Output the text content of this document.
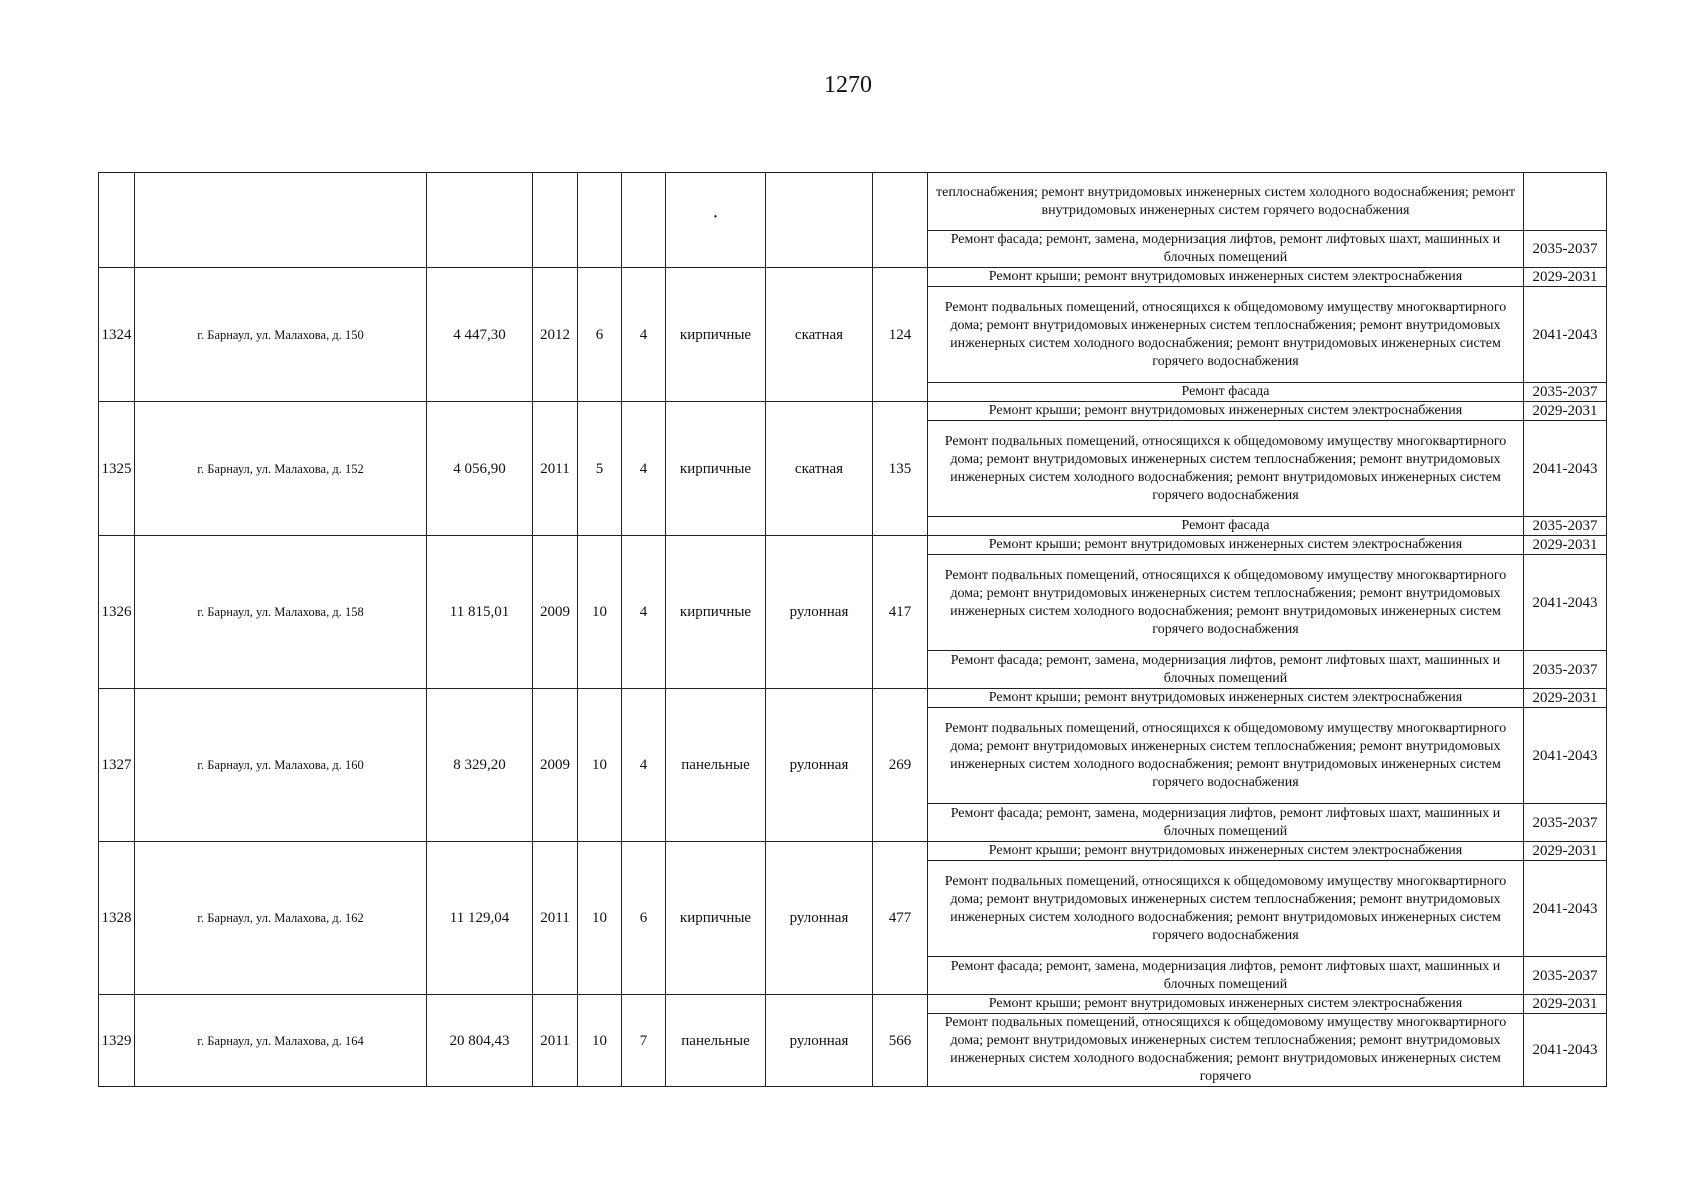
1270
						·			теплоснабжения; ремонт внутридомовых инженерных систем холодного водоснабжения; ремонт внутридомовых инженерных систем горячего водоснабжения	
									Ремонт фасада; ремонт, замена, модернизация лифтов, ремонт лифтовых шахт, машинных и блочных помещений	2035-2037
1324	г. Барнаул, ул. Малахова, д. 150	4 447,30	2012	6	4	кирпичные	скатная	124	Ремонт крыши; ремонт внутридомовых инженерных систем электроснабжения	2029-2031
									Ремонт подвальных помещений, относящихся к общедомовому имуществу многоквартирного дома; ремонт внутридомовых инженерных систем теплоснабжения; ремонт внутридомовых инженерных систем холодного водоснабжения; ремонт внутридомовых инженерных систем горячего водоснабжения	2041-2043
									Ремонт фасада	2035-2037
1325	г. Барнаул, ул. Малахова, д. 152	4 056,90	2011	5	4	кирпичные	скатная	135	Ремонт крыши; ремонт внутридомовых инженерных систем электроснабжения	2029-2031
									Ремонт подвальных помещений, относящихся к общедомовому имуществу многоквартирного дома; ремонт внутридомовых инженерных систем теплоснабжения; ремонт внутридомовых инженерных систем холодного водоснабжения; ремонт внутридомовых инженерных систем горячего водоснабжения	2041-2043
									Ремонт фасада	2035-2037
1326	г. Барнаул, ул. Малахова, д. 158	11 815,01	2009	10	4	кирпичные	рулонная	417	Ремонт крыши; ремонт внутридомовых инженерных систем электроснабжения	2029-2031
									Ремонт подвальных помещений, относящихся к общедомовому имуществу многоквартирного дома; ремонт внутридомовых инженерных систем теплоснабжения; ремонт внутридомовых инженерных систем холодного водоснабжения; ремонт внутридомовых инженерных систем горячего водоснабжения	2041-2043
									Ремонт фасада; ремонт, замена, модернизация лифтов, ремонт лифтовых шахт, машинных и блочных помещений	2035-2037
1327	г. Барнаул, ул. Малахова, д. 160	8 329,20	2009	10	4	панельные	рулонная	269	Ремонт крыши; ремонт внутридомовых инженерных систем электроснабжения	2029-2031
									Ремонт подвальных помещений, относящихся к общедомовому имуществу многоквартирного дома; ремонт внутридомовых инженерных систем теплоснабжения; ремонт внутридомовых инженерных систем холодного водоснабжения; ремонт внутридомовых инженерных систем горячего водоснабжения	2041-2043
									Ремонт фасада; ремонт, замена, модернизация лифтов, ремонт лифтовых шахт, машинных и блочных помещений	2035-2037
1328	г. Барнаул, ул. Малахова, д. 162	11 129,04	2011	10	6	кирпичные	рулонная	477	Ремонт крыши; ремонт внутридомовых инженерных систем электроснабжения	2029-2031
									Ремонт подвальных помещений, относящихся к общедомовому имуществу многоквартирного дома; ремонт внутридомовых инженерных систем теплоснабжения; ремонт внутридомовых инженерных систем холодного водоснабжения; ремонт внутридомовых инженерных систем горячего водоснабжения	2041-2043
									Ремонт фасада; ремонт, замена, модернизация лифтов, ремонт лифтовых шахт, машинных и блочных помещений	2035-2037
1329	г. Барнаул, ул. Малахова, д. 164	20 804,43	2011	10	7	панельные	рулонная	566	Ремонт крыши; ремонт внутридомовых инженерных систем электроснабжения	2029-2031
									Ремонт подвальных помещений, относящихся к общедомовому имуществу многоквартирного дома; ремонт внутридомовых инженерных систем теплоснабжения; ремонт внутридомовых инженерных систем холодного водоснабжения; ремонт внутридомовых инженерных систем горячего	2041-2043
